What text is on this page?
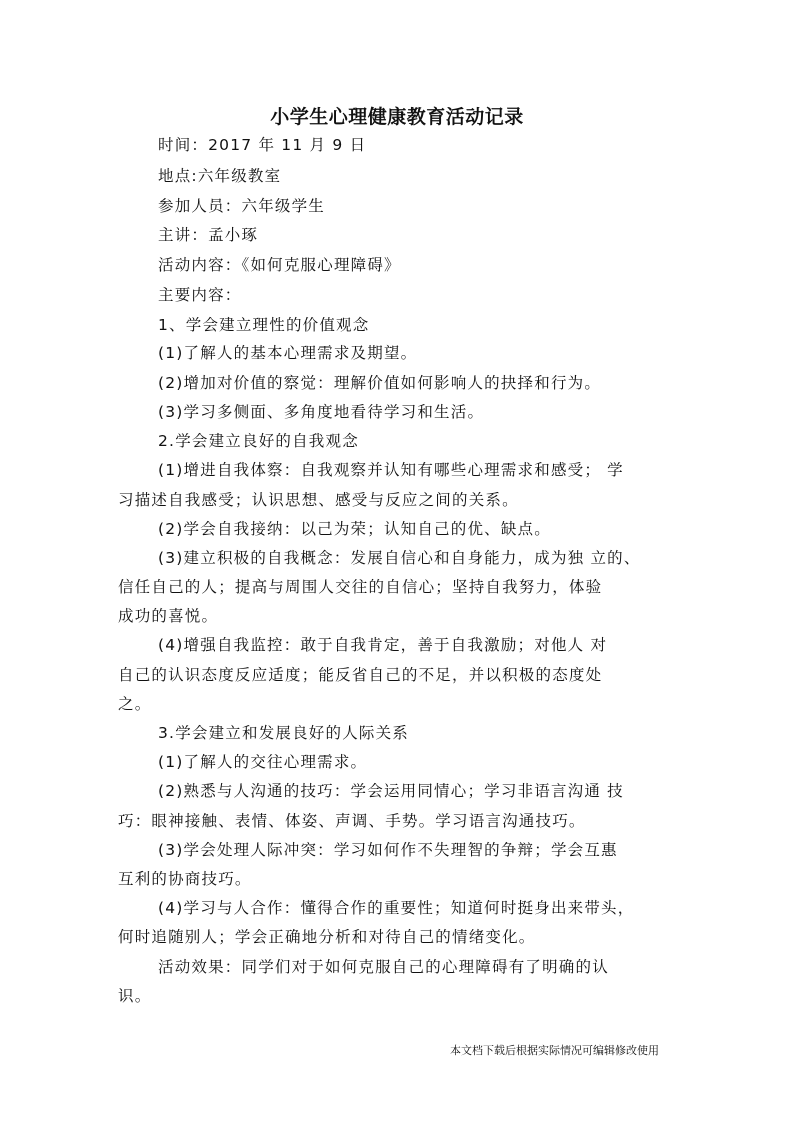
小学生心理健康教育活动记录
时间：2017 年 11 月 9 日
地点:六年级教室
参加人员：六年级学生
主讲：孟小琢
活动内容：《如何克服心理障碍》
主要内容：
1、学会建立理性的价值观念
(1)了解人的基本心理需求及期望。
(2)增加对价值的察觉：理解价值如何影响人的抉择和行为。
(3)学习多侧面、多角度地看待学习和生活。
2.学会建立良好的自我观念
(1)增进自我体察：自我观察并认知有哪些心理需求和感受； 学
习描述自我感受；认识思想、感受与反应之间的关系。
(2)学会自我接纳：以己为荣；认知自己的优、缺点。
(3)建立积极的自我概念：发展自信心和自身能力，成为独 立的、
信任自己的人；提高与周围人交往的自信心；坚持自我努力，体验
成功的喜悦。
(4)增强自我监控：敢于自我肯定，善于自我激励；对他人 对
自己的认识态度反应适度；能反省自己的不足，并以积极的态度处
之。
3.学会建立和发展良好的人际关系
(1)了解人的交往心理需求。
(2)熟悉与人沟通的技巧：学会运用同情心；学习非语言沟通 技
巧：眼神接触、表情、体姿、声调、手势。学习语言沟通技巧。
(3)学会处理人际冲突：学习如何作不失理智的争辩；学会互惠
互利的协商技巧。
(4)学习与人合作：懂得合作的重要性；知道何时挺身出来带头，
何时追随别人；学会正确地分析和对待自己的情绪变化。
活动效果：同学们对于如何克服自己的心理障碍有了明确的认
识。
本文档下载后根据实际情况可编辑修改使用
